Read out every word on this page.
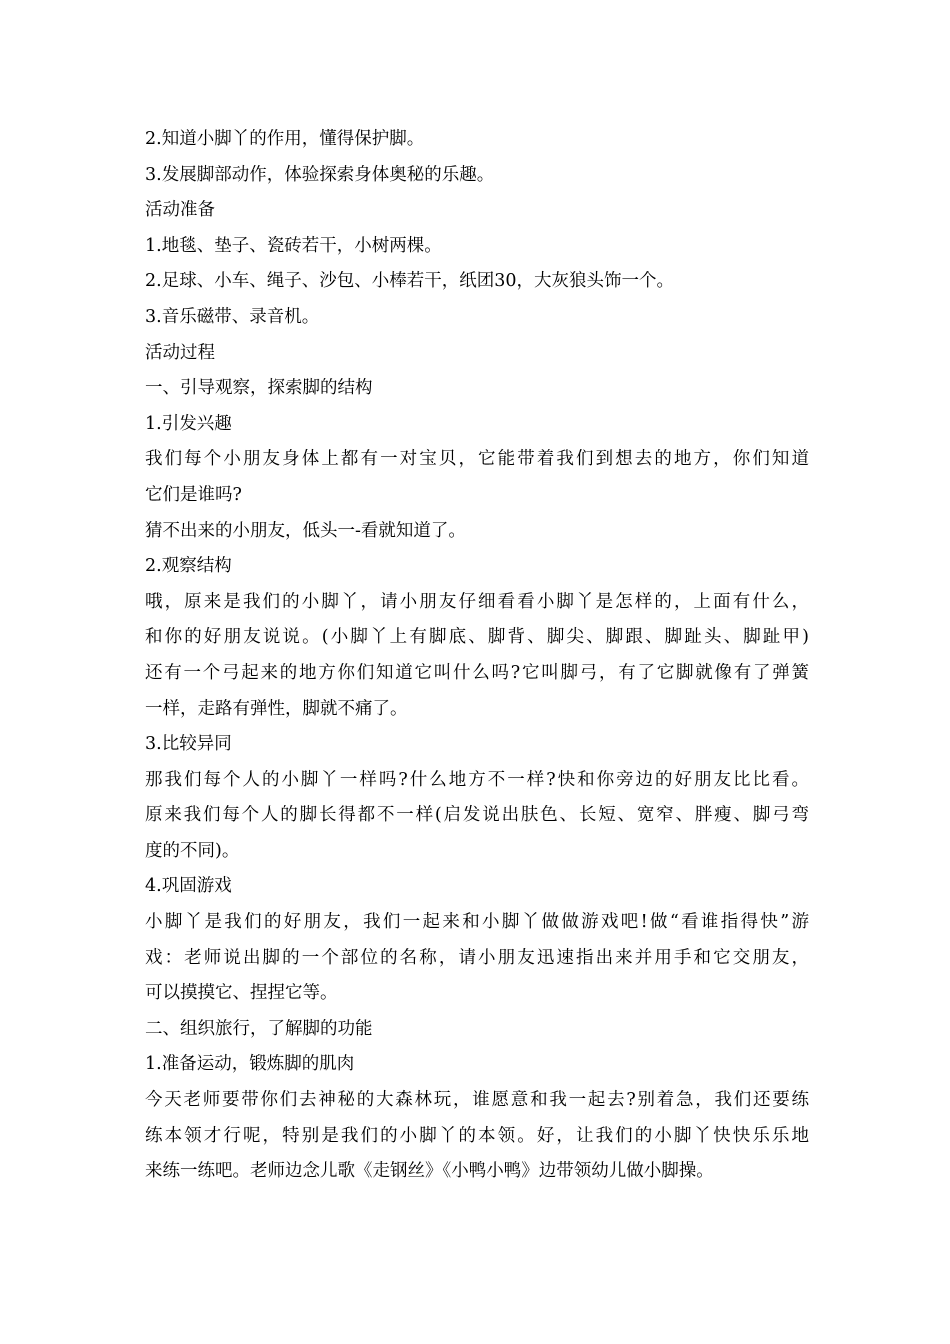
2.知道小脚丫的作用，懂得保护脚。
3.发展脚部动作，体验探索身体奥秘的乐趣。
活动准备
1.地毯、垫子、瓷砖若干，小树两棵。
2.足球、小车、绳子、沙包、小棒若干，纸团30，大灰狼头饰一个。
3.音乐磁带、录音机。
活动过程
一、引导观察，探索脚的结构
1.引发兴趣
我们每个小朋友身体上都有一对宝贝，它能带着我们到想去的地方，你们知道
它们是谁吗?
猜不出来的小朋友，低头一-看就知道了。
2.观察结构
哦，原来是我们的小脚丫，请小朋友仔细看看小脚丫是怎样的，上面有什么，
和你的好朋友说说。(小脚丫上有脚底、脚背、脚尖、脚跟、脚趾头、脚趾甲)
还有一个弓起来的地方你们知道它叫什么吗?它叫脚弓，有了它脚就像有了弹簧
一样，走路有弹性，脚就不痛了。
3.比较异同
那我们每个人的小脚丫一样吗?什么地方不一样?快和你旁边的好朋友比比看。
原来我们每个人的脚长得都不一样(启发说出肤色、长短、宽窄、胖瘦、脚弓弯
度的不同)。
4.巩固游戏
小脚丫是我们的好朋友，我们一起来和小脚丫做做游戏吧!做“看谁指得快”游
戏：老师说出脚的一个部位的名称，请小朋友迅速指出来并用手和它交朋友，
可以摸摸它、捏捏它等。
二、组织旅行，了解脚的功能
1.准备运动，锻炼脚的肌肉
今天老师要带你们去神秘的大森林玩，谁愿意和我一起去?别着急，我们还要练
练本领才行呢，特别是我们的小脚丫的本领。好，让我们的小脚丫快快乐乐地
来练一练吧。老师边念儿歌《走钢丝》《小鸭小鸭》边带领幼儿做小脚操。
